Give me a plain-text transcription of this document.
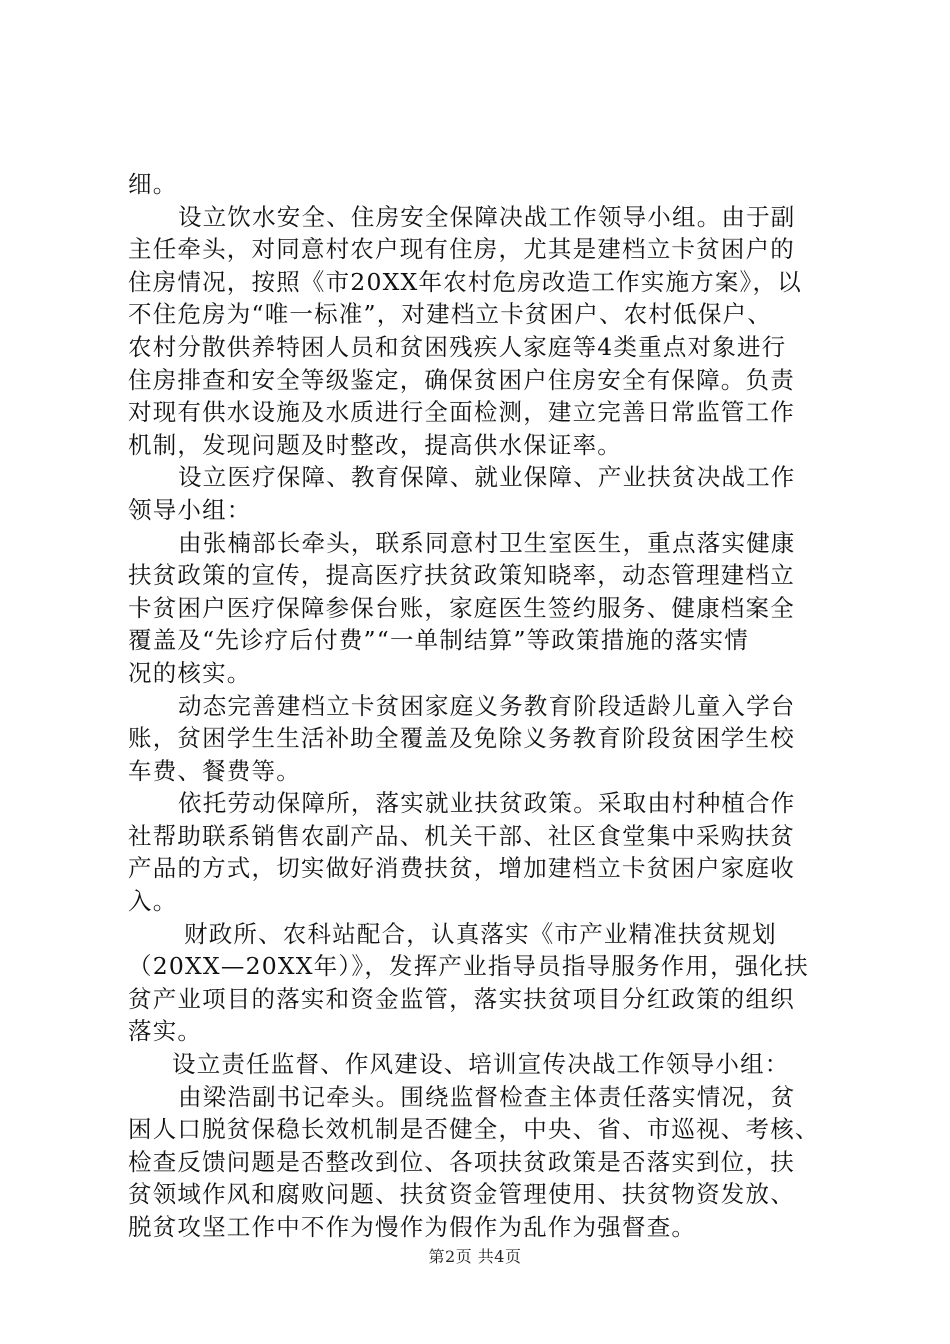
细。
设立饮水安全、住房安全保障决战工作领导小组。由于副
主任牵头，对同意村农户现有住房，尤其是建档立卡贫困户的
住房情况，按照《市20XX年农村危房改造工作实施方案》，以
不住危房为“唯一标准”，对建档立卡贫困户、农村低保户、
农村分散供养特困人员和贫困残疾人家庭等4类重点对象进行
住房排查和安全等级鉴定，确保贫困户住房安全有保障。负责
对现有供水设施及水质进行全面检测，建立完善日常监管工作
机制，发现问题及时整改，提高供水保证率。
设立医疗保障、教育保障、就业保障、产业扶贫决战工作
领导小组：
由张楠部长牵头，联系同意村卫生室医生，重点落实健康
扶贫政策的宣传，提高医疗扶贫政策知晓率，动态管理建档立
卡贫困户医疗保障参保台账，家庭医生签约服务、健康档案全
覆盖及“先诊疗后付费”“一单制结算”等政策措施的落实情
况的核实。
动态完善建档立卡贫困家庭义务教育阶段适龄儿童入学台
账，贫困学生生活补助全覆盖及免除义务教育阶段贫困学生校
车费、餐费等。
依托劳动保障所，落实就业扶贫政策。采取由村种植合作
社帮助联系销售农副产品、机关干部、社区食堂集中采购扶贫
产品的方式，切实做好消费扶贫，增加建档立卡贫困户家庭收
入。
财政所、农科站配合，认真落实《市产业精准扶贫规划
（20XX—20XX年）》，发挥产业指导员指导服务作用，强化扶
贫产业项目的落实和资金监管，落实扶贫项目分红政策的组织
落实。
设立责任监督、作风建设、培训宣传决战工作领导小组：
由梁浩副书记牵头。围绕监督检查主体责任落实情况，贫
困人口脱贫保稳长效机制是否健全，中央、省、市巡视、考核、
检查反馈问题是否整改到位、各项扶贫政策是否落实到位，扶
贫领域作风和腐败问题、扶贫资金管理使用、扶贫物资发放、
脱贫攻坚工作中不作为慢作为假作为乱作为强督查。
第2页 共4页
